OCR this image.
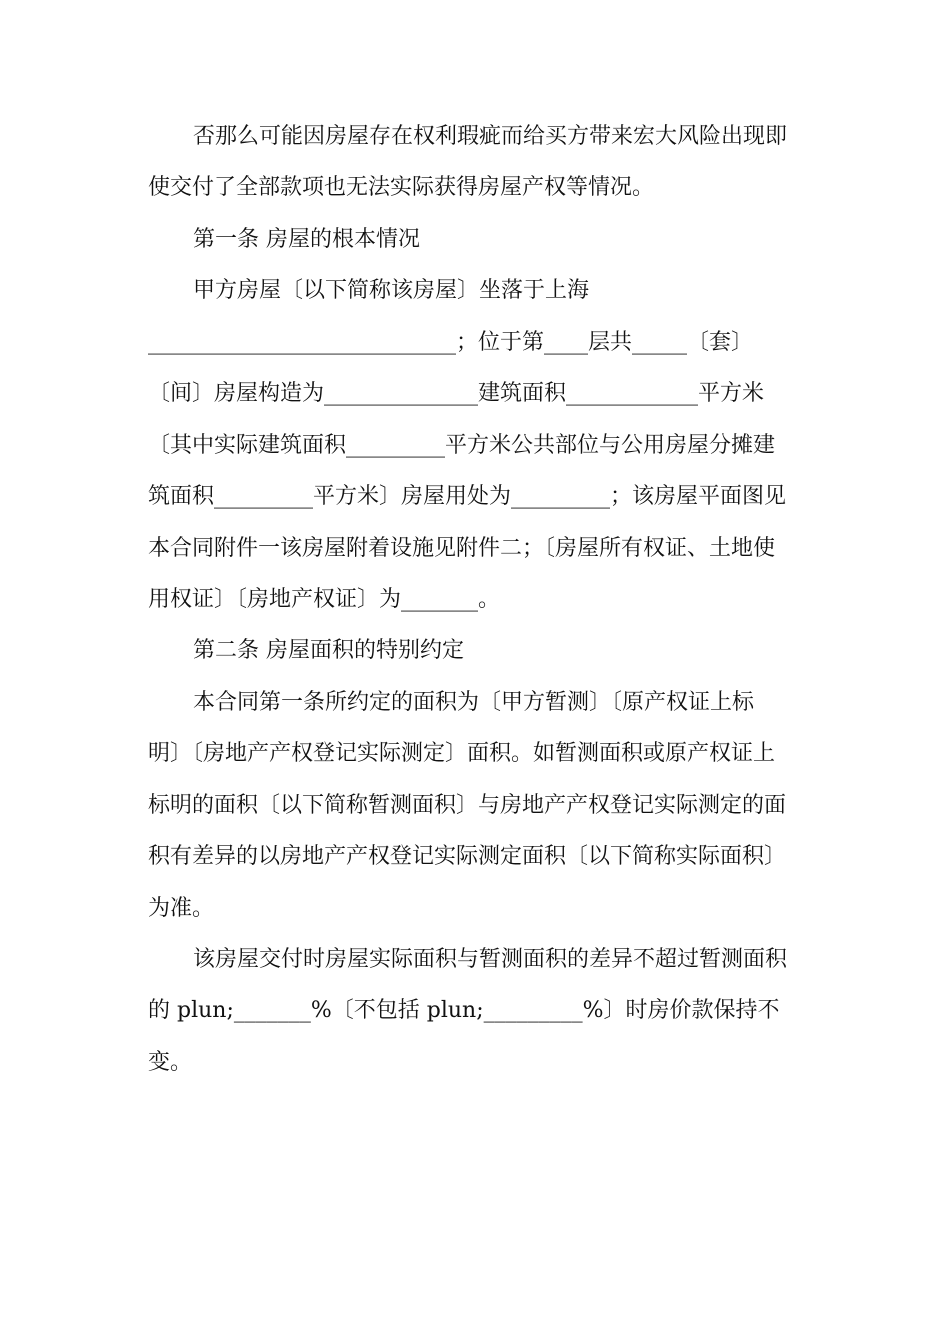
否那么可能因房屋存在权利瑕疵而给买方带来宏大风险出现即
使交付了全部款项也无法实际获得房屋产权等情况。
第一条 房屋的根本情况
甲方房屋〔以下简称该房屋〕坐落于上海
____________________________；位于第____层共_____〔套〕
〔间〕房屋构造为______________建筑面积____________平方米
〔其中实际建筑面积_________平方米公共部位与公用房屋分摊建
筑面积_________平方米〕房屋用处为_________；该房屋平面图见
本合同附件一该房屋附着设施见附件二；〔房屋所有权证、土地使
用权证〕〔房地产权证〕为_______。
第二条 房屋面积的特别约定
本合同第一条所约定的面积为〔甲方暂测〕〔原产权证上标
明〕〔房地产产权登记实际测定〕面积。如暂测面积或原产权证上
标明的面积〔以下简称暂测面积〕与房地产产权登记实际测定的面
积有差异的以房地产产权登记实际测定面积〔以下简称实际面积〕
为准。
该房屋交付时房屋实际面积与暂测面积的差异不超过暂测面积
的 plun;_______%〔不包括 plun;_________%〕时房价款保持不
变。
